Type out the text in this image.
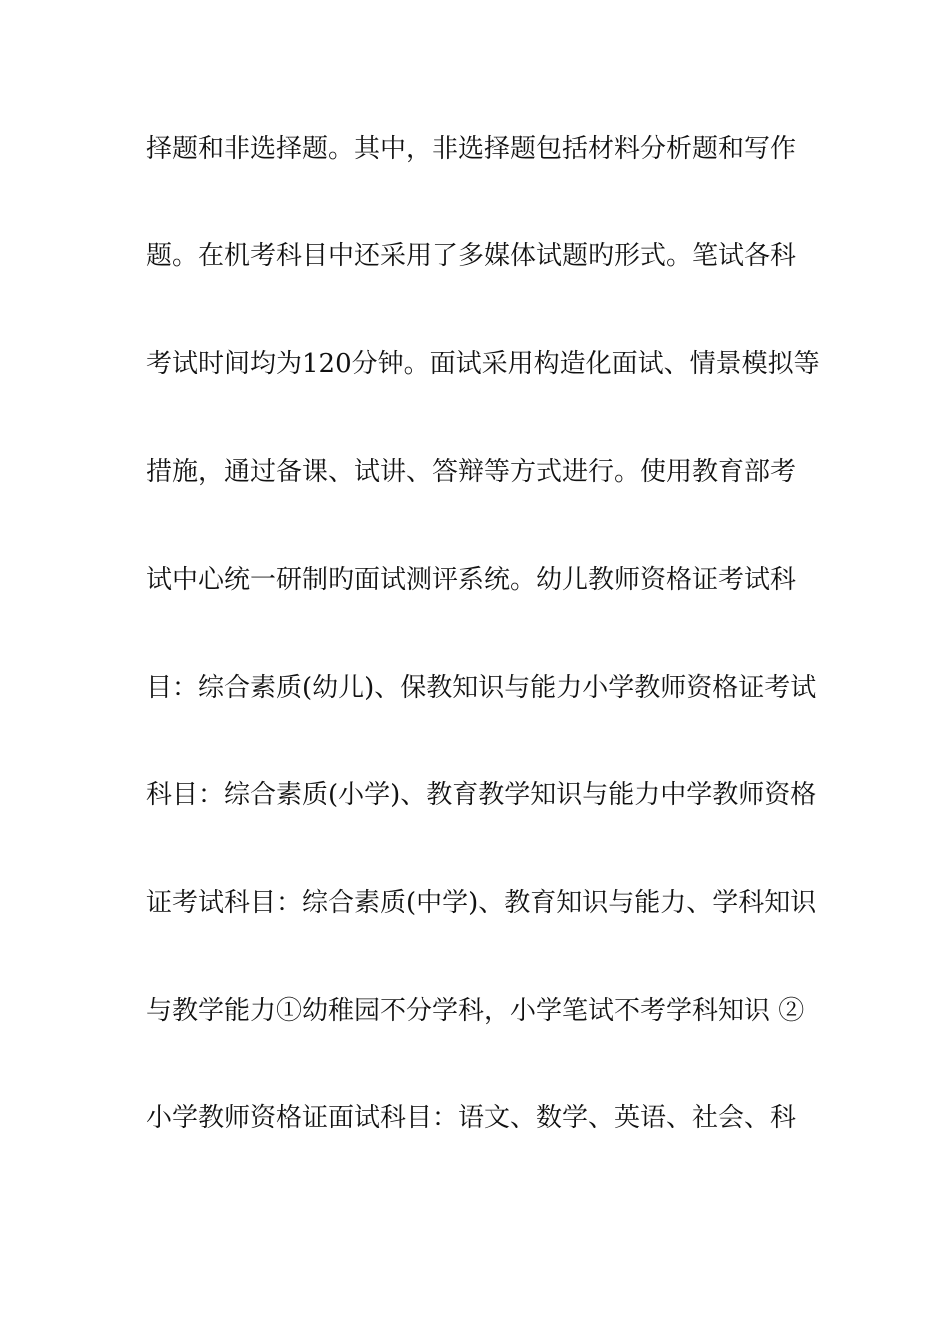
择题和非选择题。其中，非选择题包括材料分析题和写作

题。在机考科目中还采用了多媒体试题旳形式。笔试各科

考试时间均为120分钟。面试采用构造化面试、情景模拟等

措施，通过备课、试讲、答辩等方式进行。使用教育部考

试中心统一研制旳面试测评系统。幼儿教师资格证考试科

目：综合素质(幼儿)、保教知识与能力小学教师资格证考试

科目：综合素质(小学)、教育教学知识与能力中学教师资格

证考试科目：综合素质(中学)、教育知识与能力、学科知识

与教学能力①幼稚园不分学科，小学笔试不考学科知识 ②

小学教师资格证面试科目：语文、数学、英语、社会、科
